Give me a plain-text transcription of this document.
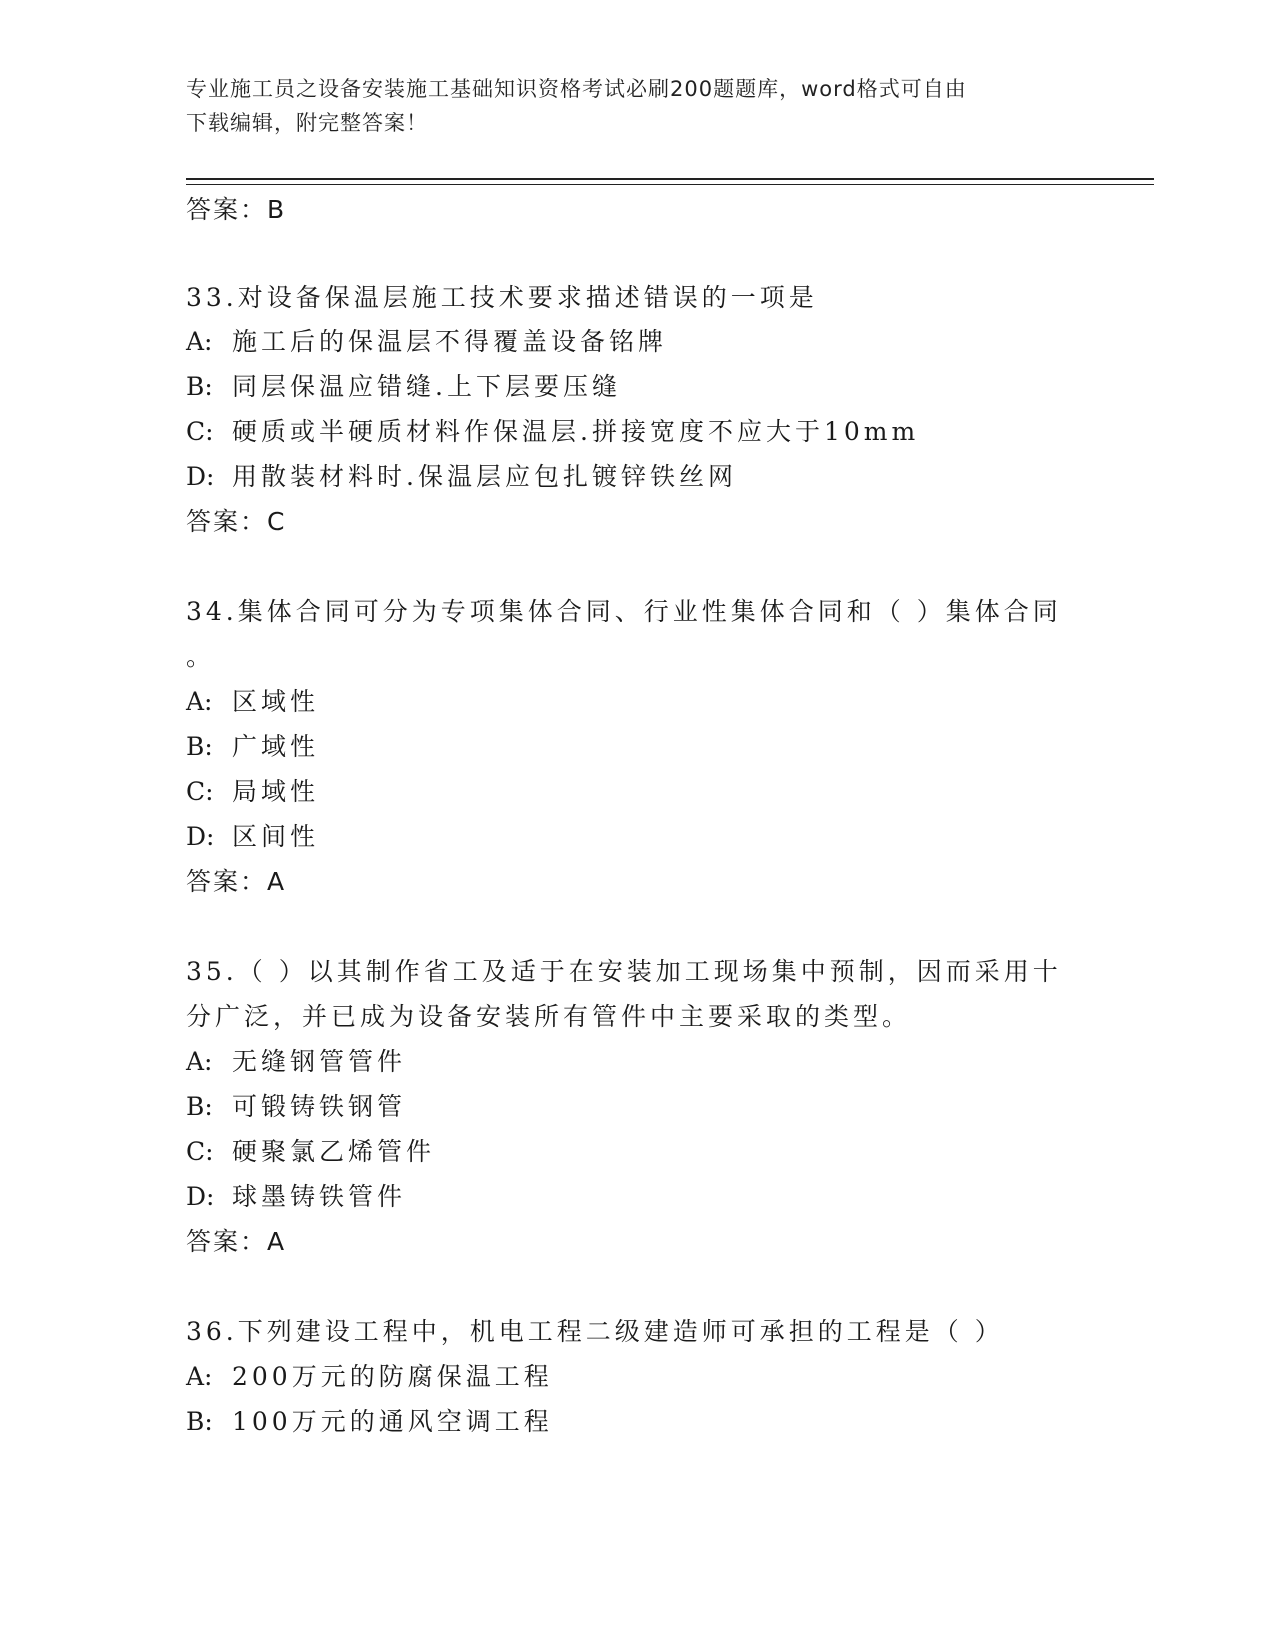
专业施工员之设备安装施工基础知识资格考试必刷200题题库，word格式可自由
下载编辑，附完整答案！
答案：B
33.对设备保温层施工技术要求描述错误的一项是
A: 施工后的保温层不得覆盖设备铭牌
B: 同层保温应错缝.上下层要压缝
C: 硬质或半硬质材料作保温层.拼接宽度不应大于10mm
D: 用散装材料时.保温层应包扎镀锌铁丝网
答案：C
34.集体合同可分为专项集体合同、行业性集体合同和（ ）集体合同
。
A: 区域性
B: 广域性
C: 局域性
D: 区间性
答案：A
35.（ ）以其制作省工及适于在安装加工现场集中预制，因而采用十
分广泛，并已成为设备安装所有管件中主要采取的类型。
A: 无缝钢管管件
B: 可锻铸铁钢管
C: 硬聚氯乙烯管件
D: 球墨铸铁管件
答案：A
36.下列建设工程中，机电工程二级建造师可承担的工程是（ ）
A: 200万元的防腐保温工程
B: 100万元的通风空调工程
